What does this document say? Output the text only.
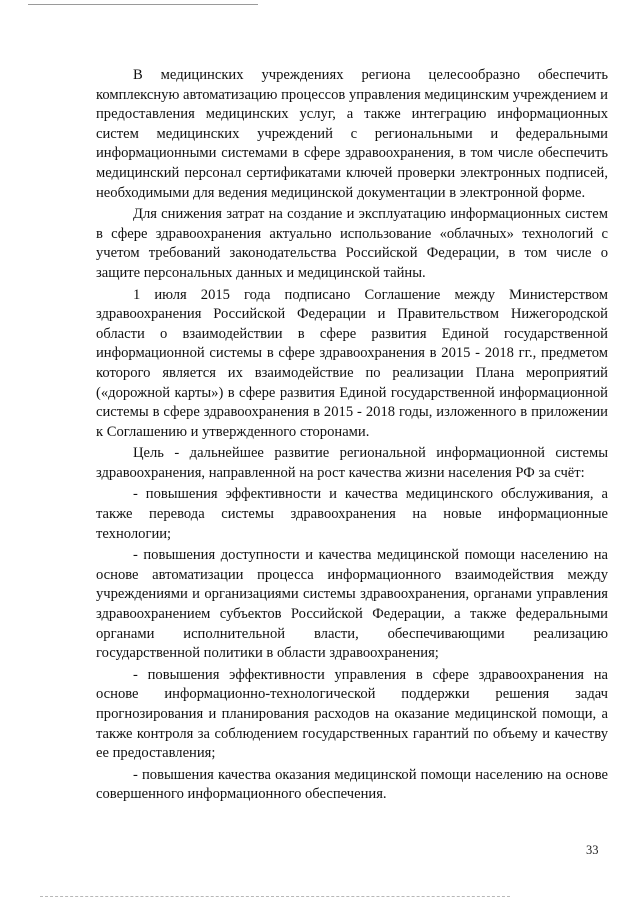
В медицинских учреждениях региона целесообразно обеспечить комплексную автоматизацию процессов управления медицинским учреждением и предоставления медицинских услуг, а также интеграцию информационных систем медицинских учреждений с региональными и федеральными информационными системами в сфере здравоохранения, в том числе обеспечить медицинский персонал сертификатами ключей проверки электронных подписей, необходимыми для ведения медицинской документации в электронной форме.

Для снижения затрат на создание и эксплуатацию информационных систем в сфере здравоохранения актуально использование «облачных» технологий с учетом требований законодательства Российской Федерации, в том числе о защите персональных данных и медицинской тайны.

1 июля 2015 года подписано Соглашение между Министерством здравоохранения Российской Федерации и Правительством Нижегородской области о взаимодействии в сфере развития Единой государственной информационной системы в сфере здравоохранения в 2015 - 2018 гг., предметом которого является их взаимодействие по реализации Плана мероприятий («дорожной карты») в сфере развития Единой государственной информационной системы в сфере здравоохранения в 2015 - 2018 годы, изложенного в приложении к Соглашению и утвержденного сторонами.

Цель - дальнейшее развитие региональной информационной системы здравоохранения, направленной на рост качества жизни населения РФ за счёт:

- повышения эффективности и качества медицинского обслуживания, а также перевода системы здравоохранения на новые информационные технологии;

- повышения доступности и качества медицинской помощи населению на основе автоматизации процесса информационного взаимодействия между учреждениями и организациями системы здравоохранения, органами управления здравоохранением субъектов Российской Федерации, а также федеральными органами исполнительной власти, обеспечивающими реализацию государственной политики в области здравоохранения;

- повышения эффективности управления в сфере здравоохранения на основе информационно-технологической поддержки решения задач прогнозирования и планирования расходов на оказание медицинской помощи, а также контроля за соблюдением государственных гарантий по объему и качеству ее предоставления;

- повышения качества оказания медицинской помощи населению на основе совершенного информационного обеспечения.

33
